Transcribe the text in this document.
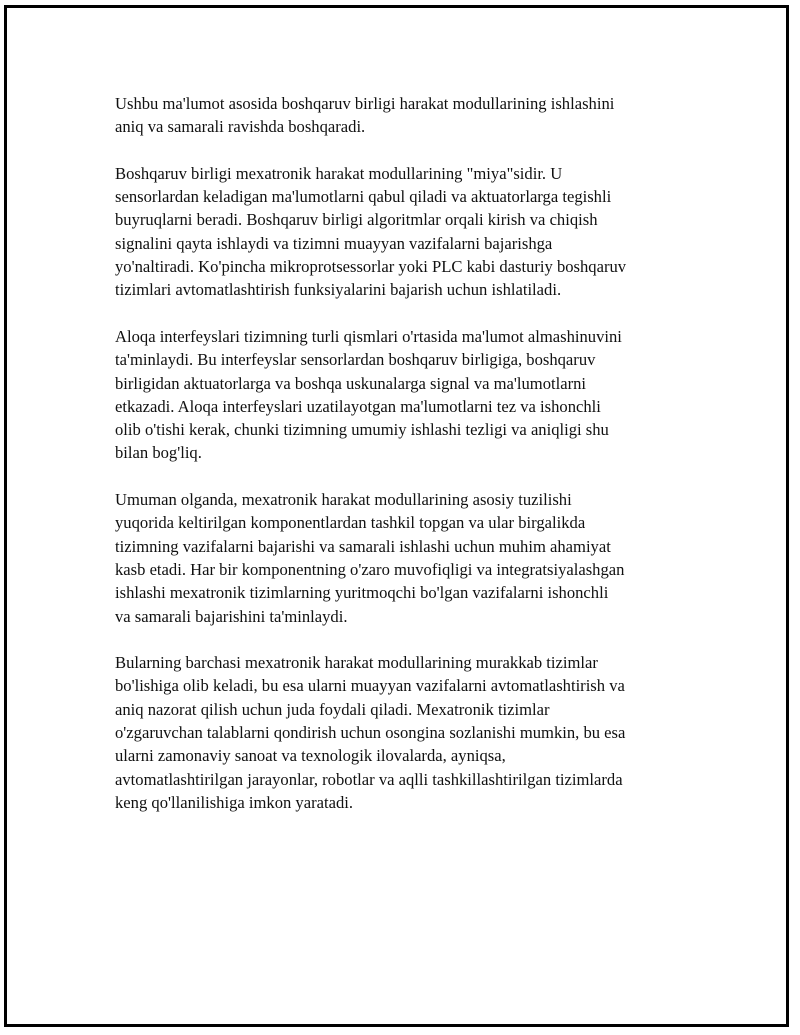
Ushbu ma'lumot asosida boshqaruv birligi harakat modullarining ishlashini
aniq va samarali ravishda boshqaradi.

Boshqaruv birligi mexatronik harakat modullarining "miya"sidir. U
sensorlardan keladigan ma'lumotlarni qabul qiladi va aktuatorlarga tegishli
buyruqlarni beradi. Boshqaruv birligi algoritmlar orqali kirish va chiqish
signalini qayta ishlaydi va tizimni muayyan vazifalarni bajarishga
yo'naltiradi. Ko'pincha mikroprotsessorlar yoki PLC kabi dasturiy boshqaruv
tizimlari avtomatlashtirish funksiyalarini bajarish uchun ishlatiladi.

Aloqa interfeyslari tizimning turli qismlari o'rtasida ma'lumot almashinuvini
ta'minlaydi. Bu interfeyslar sensorlardan boshqaruv birligiga, boshqaruv
birligidan aktuatorlarga va boshqa uskunalarga signal va ma'lumotlarni
etkazadi. Aloqa interfeyslari uzatilayotgan ma'lumotlarni tez va ishonchli
olib o'tishi kerak, chunki tizimning umumiy ishlashi tezligi va aniqligi shu
bilan bog'liq.

Umuman olganda, mexatronik harakat modullarining asosiy tuzilishi
yuqorida keltirilgan komponentlardan tashkil topgan va ular birgalikda
tizimning vazifalarni bajarishi va samarali ishlashi uchun muhim ahamiyat
kasb etadi. Har bir komponentning o'zaro muvofiqligi va integratsiyalashgan
ishlashi mexatronik tizimlarning yuritmoqchi bo'lgan vazifalarni ishonchli
va samarali bajarishini ta'minlaydi.

Bularning barchasi mexatronik harakat modullarining murakkab tizimlar
bo'lishiga olib keladi, bu esa ularni muayyan vazifalarni avtomatlashtirish va
aniq nazorat qilish uchun juda foydali qiladi. Mexatronik tizimlar
o'zgaruvchan talablarni qondirish uchun osongina sozlanishi mumkin, bu esa
ularni zamonaviy sanoat va texnologik ilovalarda, ayniqsa,
avtomatlashtirilgan jarayonlar, robotlar va aqlli tashkillashtirilgan tizimlarda
keng qo'llanilishiga imkon yaratadi.
